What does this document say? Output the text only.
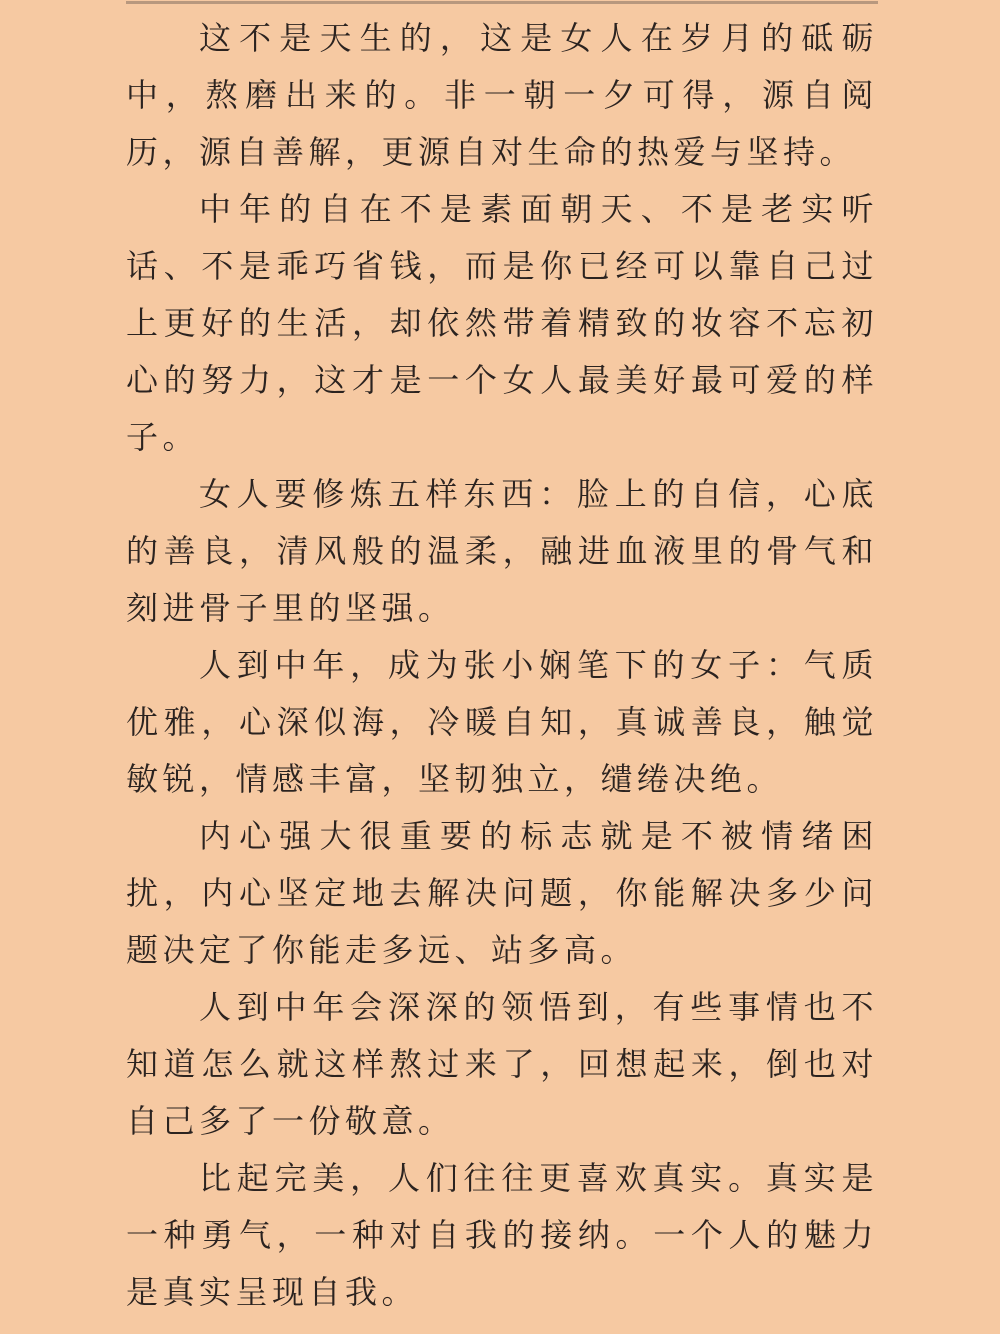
这不是天生的，这是女人在岁月的砥砺中，熬磨出来的。非一朝一夕可得，源自阅历，源自善解，更源自对生命的热爱与坚持。

中年的自在不是素面朝天、不是老实听话、不是乖巧省钱，而是你已经可以靠自己过上更好的生活，却依然带着精致的妆容不忘初心的努力，这才是一个女人最美好最可爱的样子。

女人要修炼五样东西：脸上的自信，心底的善良，清风般的温柔，融进血液里的骨气和刻进骨子里的坚强。

人到中年，成为张小娴笔下的女子：气质优雅，心深似海，冷暖自知，真诚善良，触觉敏锐，情感丰富，坚韧独立，缱绻决绝。

内心强大很重要的标志就是不被情绪困扰，内心坚定地去解决问题，你能解决多少问题决定了你能走多远、站多高。

人到中年会深深的领悟到，有些事情也不知道怎么就这样熬过来了，回想起来，倒也对自己多了一份敬意。

比起完美，人们往往更喜欢真实。真实是一种勇气，一种对自我的接纳。一个人的魅力是真实呈现自我。
